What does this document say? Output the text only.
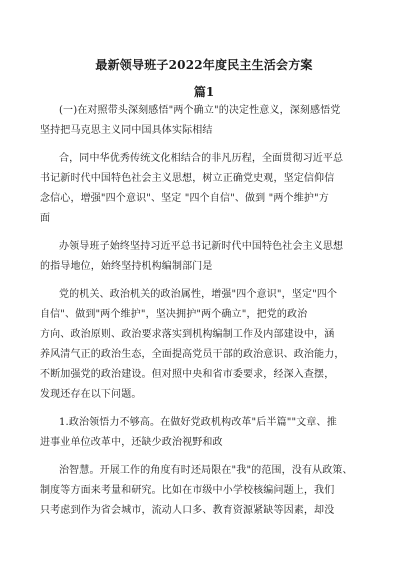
最新领导班子2022年度民主生活会方案
篇1
(一)在对照带头深刻感悟"两个确立"的决定性意义，深刻感悟党
坚持把马克思主义同中国具体实际相结
合，同中华优秀传统文化相结合的非凡历程，全面贯彻习近平总
书记新时代中国特色社会主义思想，树立正确党史观，坚定信仰信
念信心，增强"四个意识"、坚定 "四个自信"、做到 "两个维护"方
面
办领导班子始终坚持习近平总书记新时代中国特色社会主义思想
的指导地位，始终坚持机构编制部门是
党的机关、政治机关的政治属性，增强"四个意识"，坚定"四个
自信"、做到"两个维护"，坚决拥护"两个确立"，把党的政治
方向、政治原则、政治要求落实到机构编制工作及内部建设中，涵
养风清气正的政治生态，全面提高党员干部的政治意识、政治能力，
不断加强党的政治建设。但对照中央和省市委要求，经深入查摆，
发现还存在以下问题。
1.政治领悟力不够高。在做好党政机构改革"后半篇""文章、推
进事业单位改革中，还缺少政治视野和政
治智慧。开展工作的角度有时还局限在"我"的范围，没有从政策、
制度等方面来考量和研究。比如在市级中小学校核编问题上，我们
只考虑到作为省会城市，流动人口多、教育资源紧缺等因素，却没
